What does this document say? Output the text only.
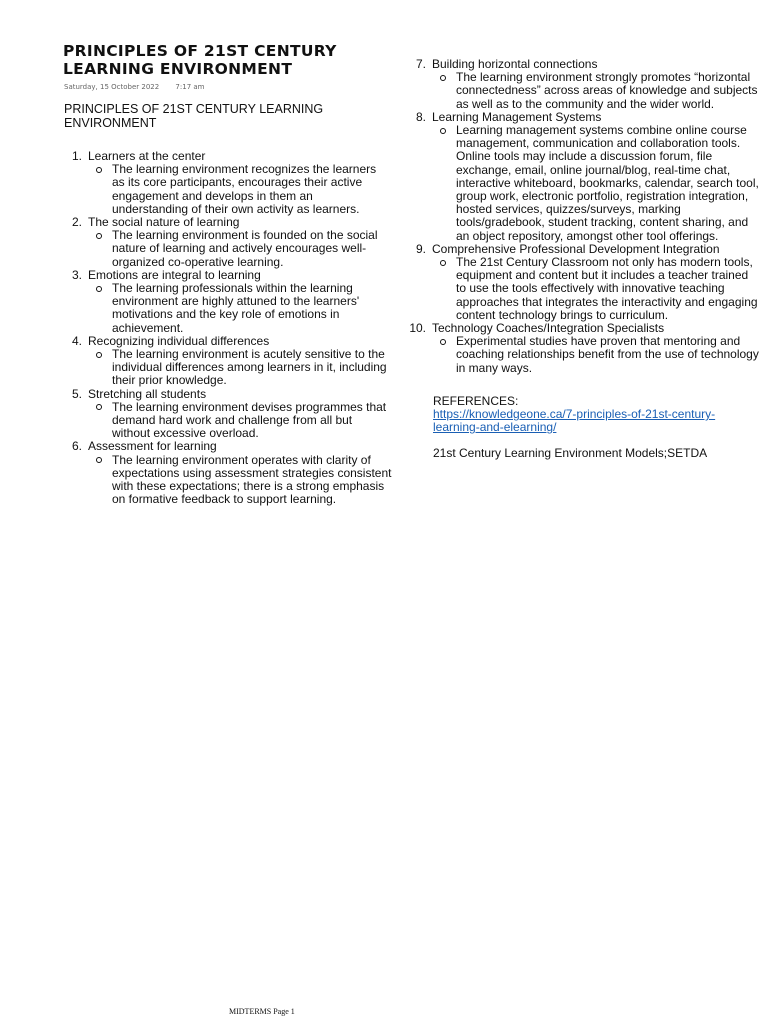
PRINCIPLES OF 21ST CENTURY LEARNING ENVIRONMENT
Saturday, 15 October 2022 7:17 am

PRINCIPLES OF 21ST CENTURY LEARNING ENVIRONMENT

1. Learners at the center
The learning environment recognizes the learners as its core participants, encourages their active engagement and develops in them an understanding of their own activity as learners.
2. The social nature of learning
The learning environment is founded on the social nature of learning and actively encourages well-organized co-operative learning.
3. Emotions are integral to learning
The learning professionals within the learning environment are highly attuned to the learners' motivations and the key role of emotions in achievement.
4. Recognizing individual differences
The learning environment is acutely sensitive to the individual differences among learners in it, including their prior knowledge.
5. Stretching all students
The learning environment devises programmes that demand hard work and challenge from all but without excessive overload.
6. Assessment for learning
The learning environment operates with clarity of expectations using assessment strategies consistent with these expectations; there is a strong emphasis on formative feedback to support learning.
7. Building horizontal connections
The learning environment strongly promotes “horizontal connectedness” across areas of knowledge and subjects as well as to the community and the wider world.
8. Learning Management Systems
Learning management systems combine online course management, communication and collaboration tools. Online tools may include a discussion forum, file exchange, email, online journal/blog, real-time chat, interactive whiteboard, bookmarks, calendar, search tool, group work, electronic portfolio, registration integration, hosted services, quizzes/surveys, marking tools/gradebook, student tracking, content sharing, and an object repository, amongst other tool offerings.
9. Comprehensive Professional Development Integration
The 21st Century Classroom not only has modern tools, equipment and content but it includes a teacher trained to use the tools effectively with innovative teaching approaches that integrates the interactivity and engaging content technology brings to curriculum.
10. Technology Coaches/Integration Specialists
Experimental studies have proven that mentoring and coaching relationships benefit from the use of technology in many ways.
REFERENCES:
https://knowledgeone.ca/7-principles-of-21st-century-learning-and-elearning/
21st Century Learning Environment Models;SETDA
MIDTERMS Page 1
